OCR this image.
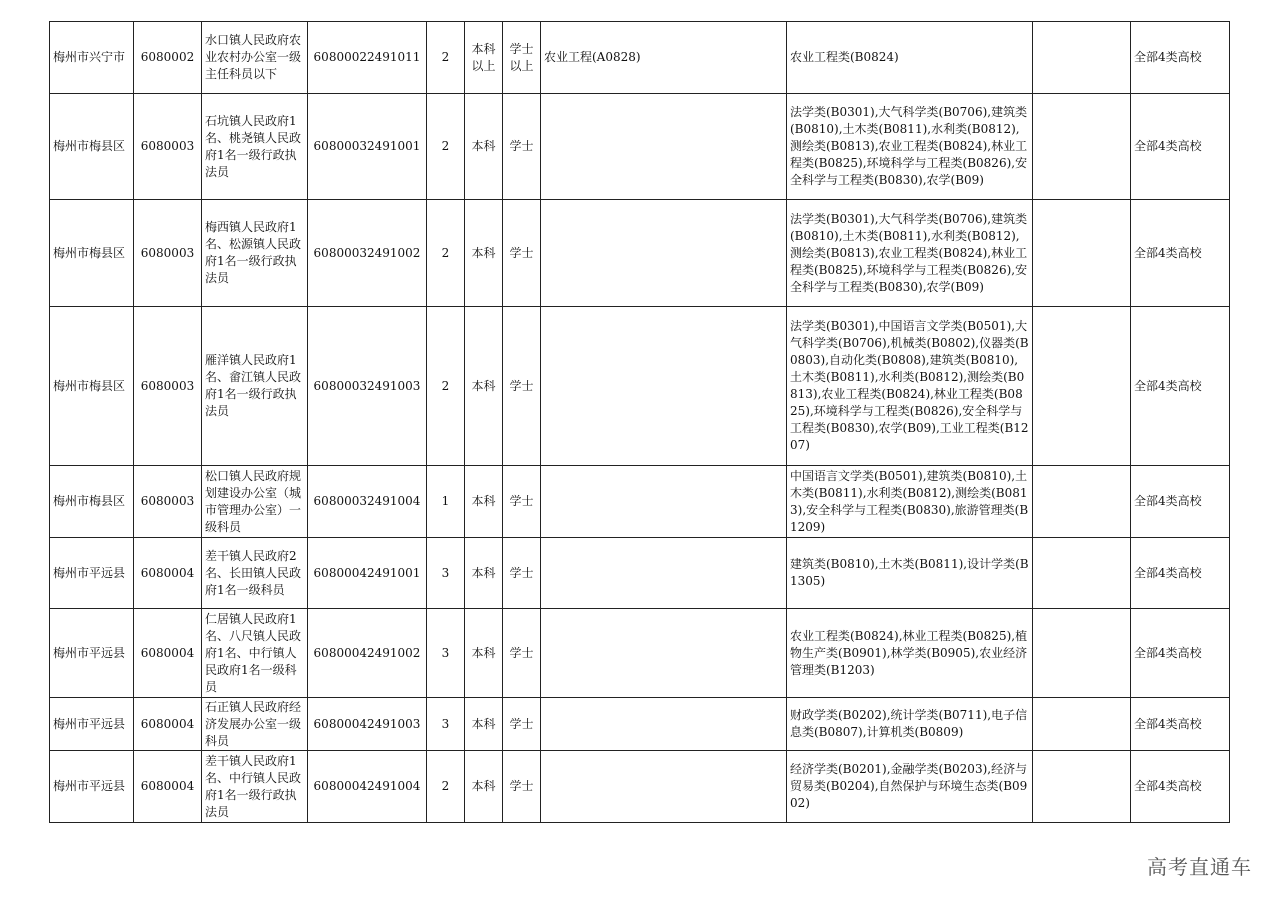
梅州市兴宁市	6080002	水口镇人民政府农业农村办公室一级主任科员以下	60800022491011	2	本科以上	学士以上	农业工程(A0828)	农业工程类(B0824)		全部4类高校
梅州市梅县区	6080003	石坑镇人民政府1名、桃尧镇人民政府1名一级行政执法员	60800032491001	2	本科	学士		法学类(B0301),大气科学类(B0706),建筑类(B0810),土木类(B0811),水利类(B0812),测绘类(B0813),农业工程类(B0824),林业工程类(B0825),环境科学与工程类(B0826),安全科学与工程类(B0830),农学(B09)		全部4类高校
梅州市梅县区	6080003	梅西镇人民政府1名、松源镇人民政府1名一级行政执法员	60800032491002	2	本科	学士		法学类(B0301),大气科学类(B0706),建筑类(B0810),土木类(B0811),水利类(B0812),测绘类(B0813),农业工程类(B0824),林业工程类(B0825),环境科学与工程类(B0826),安全科学与工程类(B0830),农学(B09)		全部4类高校
梅州市梅县区	6080003	雁洋镇人民政府1名、畲江镇人民政府1名一级行政执法员	60800032491003	2	本科	学士		法学类(B0301),中国语言文学类(B0501),大气科学类(B0706),机械类(B0802),仪器类(B0803),自动化类(B0808),建筑类(B0810),土木类(B0811),水利类(B0812),测绘类(B0813),农业工程类(B0824),林业工程类(B0825),环境科学与工程类(B0826),安全科学与工程类(B0830),农学(B09),工业工程类(B1207)		全部4类高校
梅州市梅县区	6080003	松口镇人民政府规划建设办公室（城市管理办公室）一级科员	60800032491004	1	本科	学士		中国语言文学类(B0501),建筑类(B0810),土木类(B0811),水利类(B0812),测绘类(B0813),安全科学与工程类(B0830),旅游管理类(B1209)		全部4类高校
梅州市平远县	6080004	差干镇人民政府2名、长田镇人民政府1名一级科员	60800042491001	3	本科	学士		建筑类(B0810),土木类(B0811),设计学类(B1305)		全部4类高校
梅州市平远县	6080004	仁居镇人民政府1名、八尺镇人民政府1名、中行镇人民政府1名一级科员	60800042491002	3	本科	学士		农业工程类(B0824),林业工程类(B0825),植物生产类(B0901),林学类(B0905),农业经济管理类(B1203)		全部4类高校
梅州市平远县	6080004	石正镇人民政府经济发展办公室一级科员	60800042491003	3	本科	学士		财政学类(B0202),统计学类(B0711),电子信息类(B0807),计算机类(B0809)		全部4类高校
梅州市平远县	6080004	差干镇人民政府1名、中行镇人民政府1名一级行政执法员	60800042491004	2	本科	学士		经济学类(B0201),金融学类(B0203),经济与贸易类(B0204),自然保护与环境生态类(B0902)		全部4类高校
高考直通车
